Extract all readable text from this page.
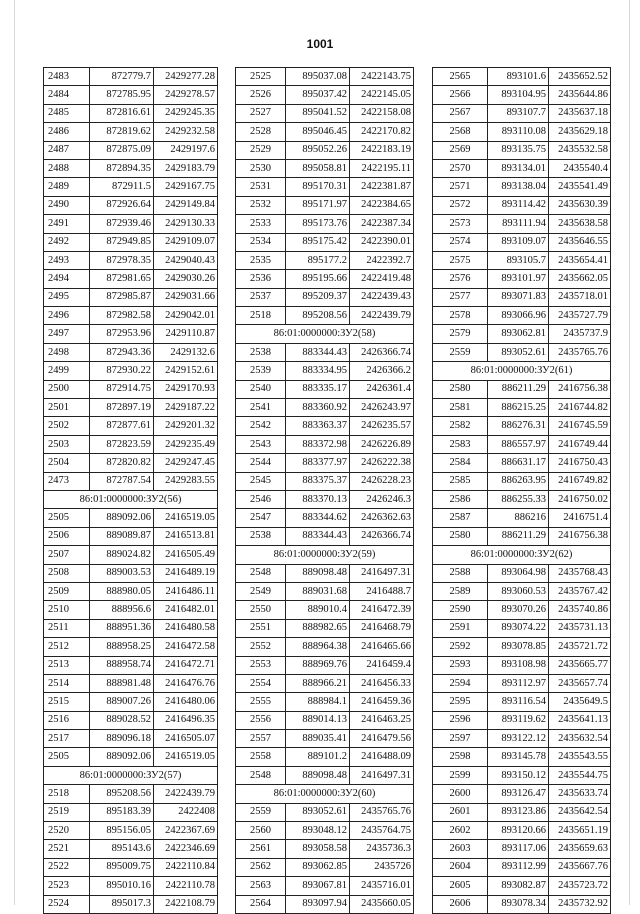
1001
2483	872779.7	2429277.28
2484	872785.95	2429278.57
2485	872816.61	2429245.35
2486	872819.62	2429232.58
2487	872875.09	2429197.6
2488	872894.35	2429183.79
2489	872911.5	2429167.75
2490	872926.64	2429149.84
2491	872939.46	2429130.33
2492	872949.85	2429109.07
2493	872978.35	2429040.43
2494	872981.65	2429030.26
2495	872985.87	2429031.66
2496	872982.58	2429042.01
2497	872953.96	2429110.87
2498	872943.36	2429132.6
2499	872930.22	2429152.61
2500	872914.75	2429170.93
2501	872897.19	2429187.22
2502	872877.61	2429201.32
2503	872823.59	2429235.49
2504	872820.82	2429247.45
2473	872787.54	2429283.55
86:01:0000000:ЗУ2(56)		
2505	889092.06	2416519.05
2506	889089.87	2416513.81
2507	889024.82	2416505.49
2508	889003.53	2416489.19
2509	888980.05	2416486.11
2510	888956.6	2416482.01
2511	888951.36	2416480.58
2512	888958.25	2416472.58
2513	888958.74	2416472.71
2514	888981.48	2416476.76
2515	889007.26	2416480.06
2516	889028.52	2416496.35
2517	889096.18	2416505.07
2505	889092.06	2416519.05
86:01:0000000:ЗУ2(57)		
2518	895208.56	2422439.79
2519	895183.39	2422408
2520	895156.05	2422367.69
2521	895143.6	2422346.69
2522	895009.75	2422110.84
2523	895010.16	2422110.78
2524	895017.3	2422108.79
2525	895037.08	2422143.75
2526	895037.42	2422145.05
2527	895041.52	2422158.08
2528	895046.45	2422170.82
2529	895052.26	2422183.19
2530	895058.81	2422195.11
2531	895170.31	2422381.87
2532	895171.97	2422384.65
2533	895173.76	2422387.34
2534	895175.42	2422390.01
2535	895177.2	2422392.7
2536	895195.66	2422419.48
2537	895209.37	2422439.43
2518	895208.56	2422439.79
86:01:0000000:ЗУ2(58)		
2538	883344.43	2426366.74
2539	883334.95	2426366.2
2540	883335.17	2426361.4
2541	883360.92	2426243.97
2542	883363.37	2426235.57
2543	883372.98	2426226.89
2544	883377.97	2426222.38
2545	883375.37	2426228.23
2546	883370.13	2426246.3
2547	883344.62	2426362.63
2538	883344.43	2426366.74
86:01:0000000:ЗУ2(59)		
2548	889098.48	2416497.31
2549	889031.68	2416488.7
2550	889010.4	2416472.39
2551	888982.65	2416468.79
2552	888964.38	2416465.66
2553	888969.76	2416459.4
2554	888966.21	2416456.33
2555	888984.1	2416459.36
2556	889014.13	2416463.25
2557	889035.41	2416479.56
2558	889101.2	2416488.09
2548	889098.48	2416497.31
86:01:0000000:ЗУ2(60)		
2559	893052.61	2435765.76
2560	893048.12	2435764.75
2561	893058.58	2435736.3
2562	893062.85	2435726
2563	893067.81	2435716.01
2564	893097.94	2435660.05
2565	893101.6	2435652.52
2566	893104.95	2435644.86
2567	893107.7	2435637.18
2568	893110.08	2435629.18
2569	893135.75	2435532.58
2570	893134.01	2435540.4
2571	893138.04	2435541.49
2572	893114.42	2435630.39
2573	893111.94	2435638.58
2574	893109.07	2435646.55
2575	893105.7	2435654.41
2576	893101.97	2435662.05
2577	893071.83	2435718.01
2578	893066.96	2435727.79
2579	893062.81	2435737.9
2559	893052.61	2435765.76
86:01:0000000:ЗУ2(61)		
2580	886211.29	2416756.38
2581	886215.25	2416744.82
2582	886276.31	2416745.59
2583	886557.97	2416749.44
2584	886631.17	2416750.43
2585	886263.95	2416749.82
2586	886255.33	2416750.02
2587	886216	2416751.4
2580	886211.29	2416756.38
86:01:0000000:ЗУ2(62)		
2588	893064.98	2435768.43
2589	893060.53	2435767.42
2590	893070.26	2435740.86
2591	893074.22	2435731.13
2592	893078.85	2435721.72
2593	893108.98	2435665.77
2594	893112.97	2435657.74
2595	893116.54	2435649.5
2596	893119.62	2435641.13
2597	893122.12	2435632.54
2598	893145.78	2435543.55
2599	893150.12	2435544.75
2600	893126.47	2435633.74
2601	893123.86	2435642.54
2602	893120.66	2435651.19
2603	893117.06	2435659.63
2604	893112.99	2435667.76
2605	893082.87	2435723.72
2606	893078.34	2435732.92
